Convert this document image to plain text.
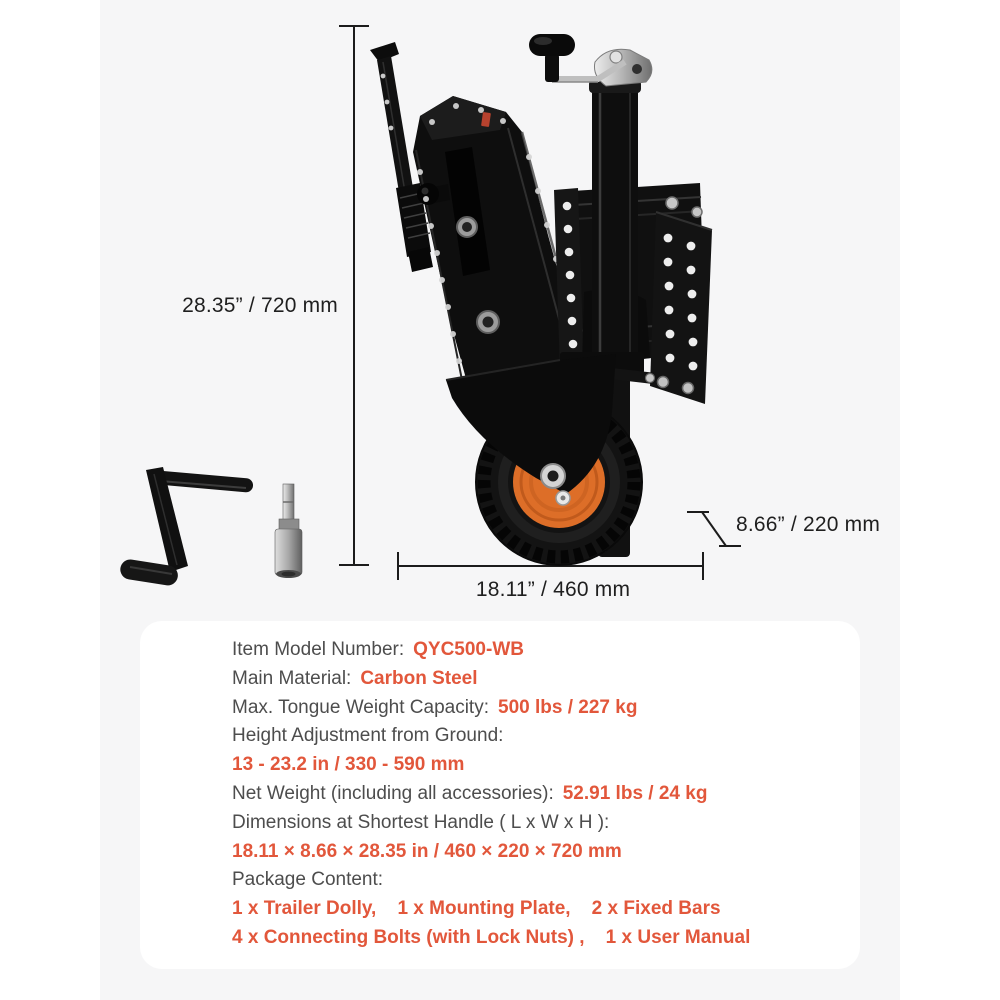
28.35” / 720 mm
18.11” / 460 mm
8.66” / 220 mm
Item Model Number: QYC500-WB
Main Material: Carbon Steel
Max. Tongue Weight Capacity: 500 lbs / 227 kg
Height Adjustment from Ground:
13 - 23.2 in / 330 - 590 mm
Net Weight (including all accessories): 52.91 lbs / 24 kg
Dimensions at Shortest Handle ( L x W x H ):
18.11 × 8.66 × 28.35 in / 460 × 220 × 720 mm
Package Content:
1 x Trailer Dolly,    1 x Mounting Plate,    2 x Fixed Bars
4 x Connecting Bolts (with Lock Nuts) ,    1 x User Manual
